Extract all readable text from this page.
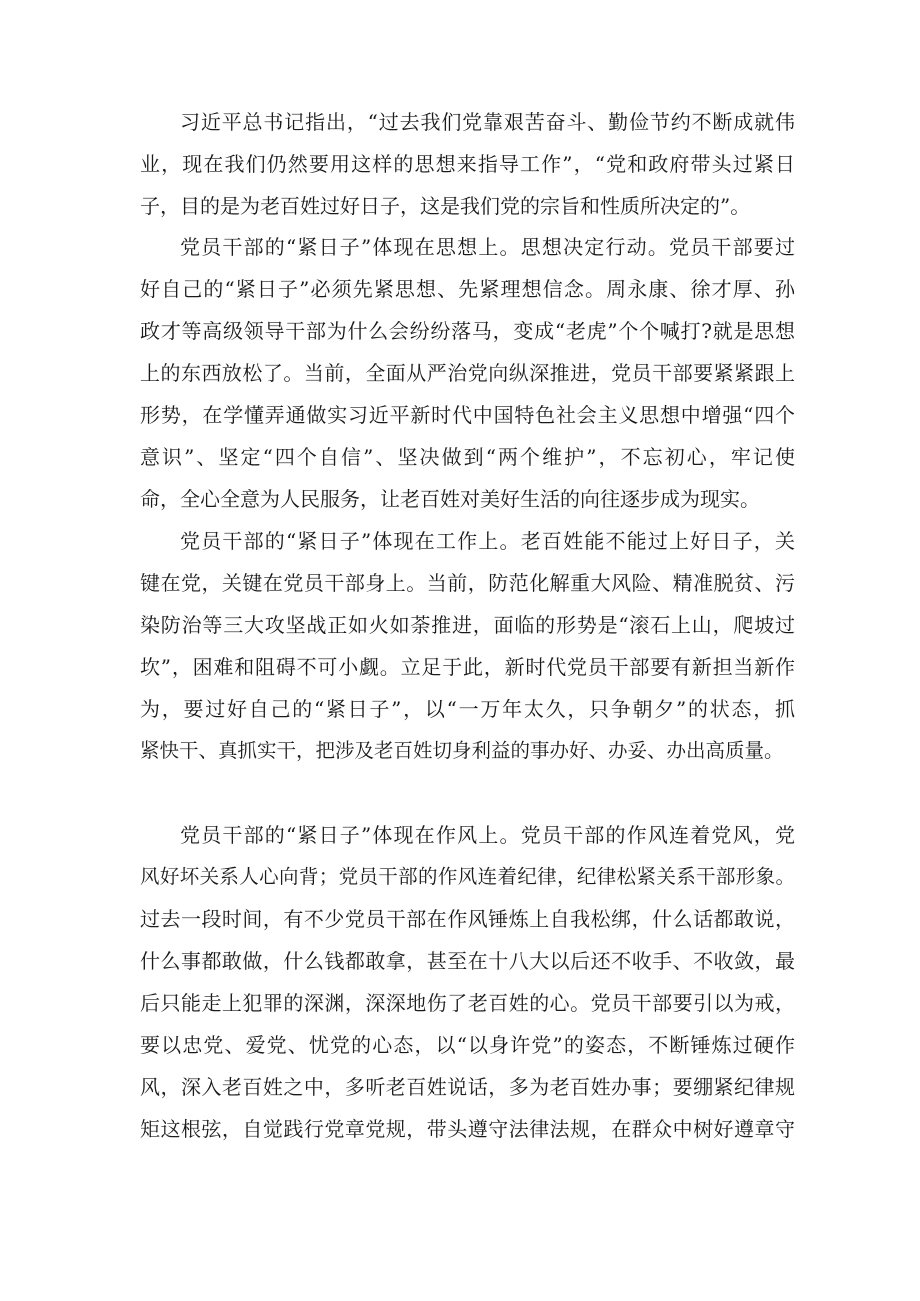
习近平总书记指出，“过去我们党靠艰苦奋斗、勤俭节约不断成就伟
业，现在我们仍然要用这样的思想来指导工作”，“党和政府带头过紧日
子，目的是为老百姓过好日子，这是我们党的宗旨和性质所决定的”。
党员干部的“紧日子”体现在思想上。思想决定行动。党员干部要过
好自己的“紧日子”必须先紧思想、先紧理想信念。周永康、徐才厚、孙
政才等高级领导干部为什么会纷纷落马，变成“老虎”个个喊打?就是思想
上的东西放松了。当前，全面从严治党向纵深推进，党员干部要紧紧跟上
形势，在学懂弄通做实习近平新时代中国特色社会主义思想中增强“四个
意识”、坚定“四个自信”、坚决做到“两个维护”，不忘初心，牢记使
命，全心全意为人民服务，让老百姓对美好生活的向往逐步成为现实。
党员干部的“紧日子”体现在工作上。老百姓能不能过上好日子，关
键在党，关键在党员干部身上。当前，防范化解重大风险、精准脱贫、污
染防治等三大攻坚战正如火如荼推进，面临的形势是“滚石上山，爬坡过
坎”，困难和阻碍不可小觑。立足于此，新时代党员干部要有新担当新作
为，要过好自己的“紧日子”，以“一万年太久，只争朝夕”的状态，抓
紧快干、真抓实干，把涉及老百姓切身利益的事办好、办妥、办出高质量。
党员干部的“紧日子”体现在作风上。党员干部的作风连着党风，党
风好坏关系人心向背；党员干部的作风连着纪律，纪律松紧关系干部形象。
过去一段时间，有不少党员干部在作风锤炼上自我松绑，什么话都敢说，
什么事都敢做，什么钱都敢拿，甚至在十八大以后还不收手、不收敛，最
后只能走上犯罪的深渊，深深地伤了老百姓的心。党员干部要引以为戒，
要以忠党、爱党、忧党的心态，以“以身许党”的姿态，不断锤炼过硬作
风，深入老百姓之中，多听老百姓说话，多为老百姓办事；要绷紧纪律规
矩这根弦，自觉践行党章党规，带头遵守法律法规，在群众中树好遵章守
